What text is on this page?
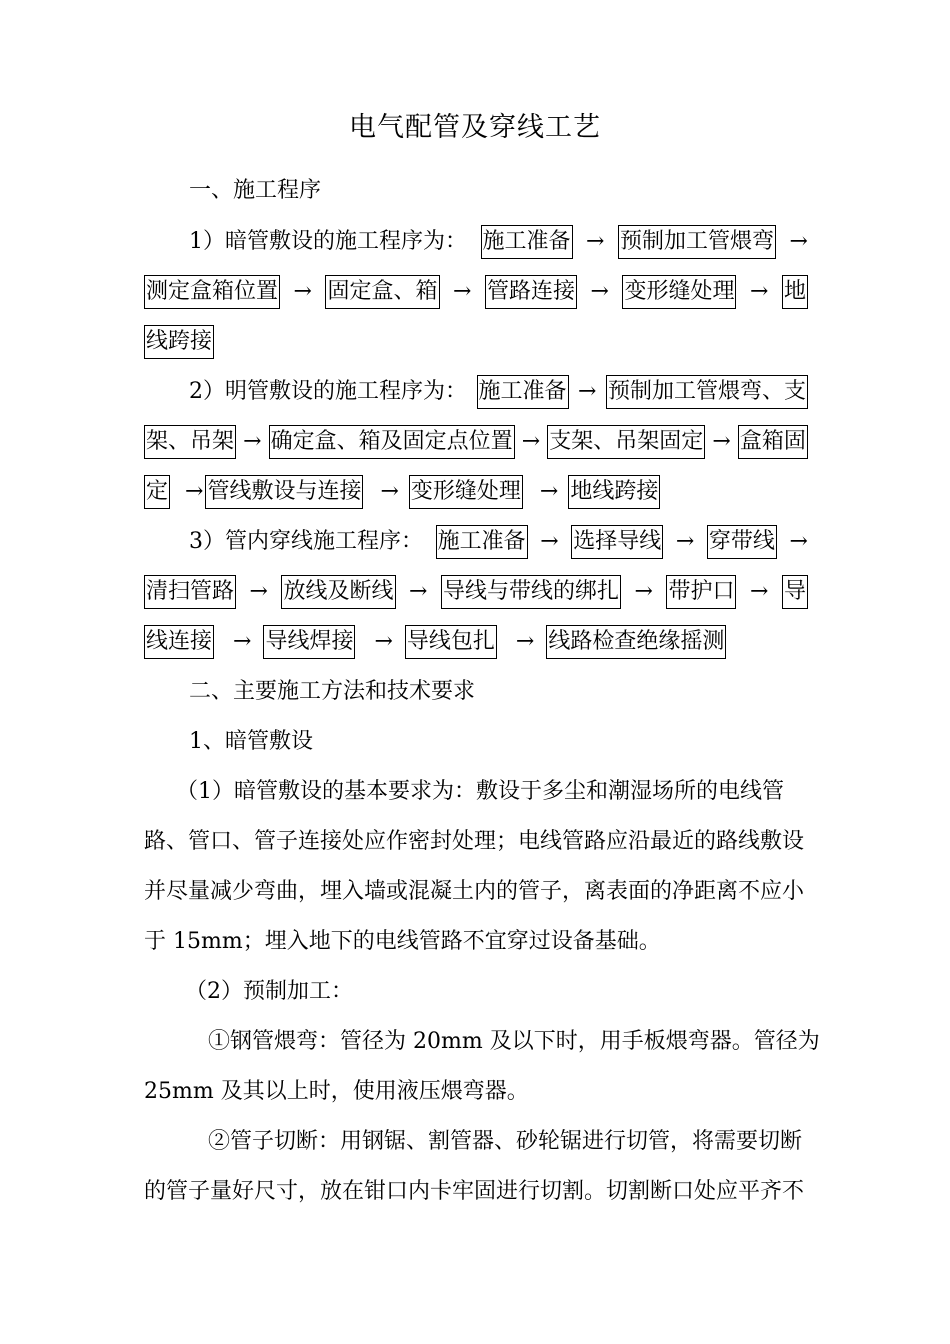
电气配管及穿线工艺
一、施工程序
1）暗管敷设的施工程序为： 施工准备 → 预制加工管煨弯 →
测定盒箱位置 → 固定盒、箱 → 管路连接 → 变形缝处理 → 地
线跨接
2）明管敷设的施工程序为： 施工准备 → 预制加工管煨弯、支
架、吊架 → 确定盒、箱及固定点位置 → 支架、吊架固定 → 盒箱固
定 → 管线敷设与连接 → 变形缝处理 → 地线跨接
3）管内穿线施工程序： 施工准备 → 选择导线 → 穿带线 →
清扫管路 → 放线及断线 → 导线与带线的绑扎 → 带护口 → 导
线连接 → 导线焊接 → 导线包扎 → 线路检查绝缘摇测
二、主要施工方法和技术要求
1、暗管敷设
（1）暗管敷设的基本要求为：敷设于多尘和潮湿场所的电线管
路、管口、管子连接处应作密封处理；电线管路应沿最近的路线敷设
并尽量减少弯曲，埋入墙或混凝土内的管子，离表面的净距离不应小
于 15mm；埋入地下的电线管路不宜穿过设备基础。
（2）预制加工：
①钢管煨弯：管径为 20mm 及以下时，用手板煨弯器。管径为
25mm 及其以上时，使用液压煨弯器。
②管子切断：用钢锯、割管器、砂轮锯进行切管，将需要切断
的管子量好尺寸，放在钳口内卡牢固进行切割。切割断口处应平齐不
